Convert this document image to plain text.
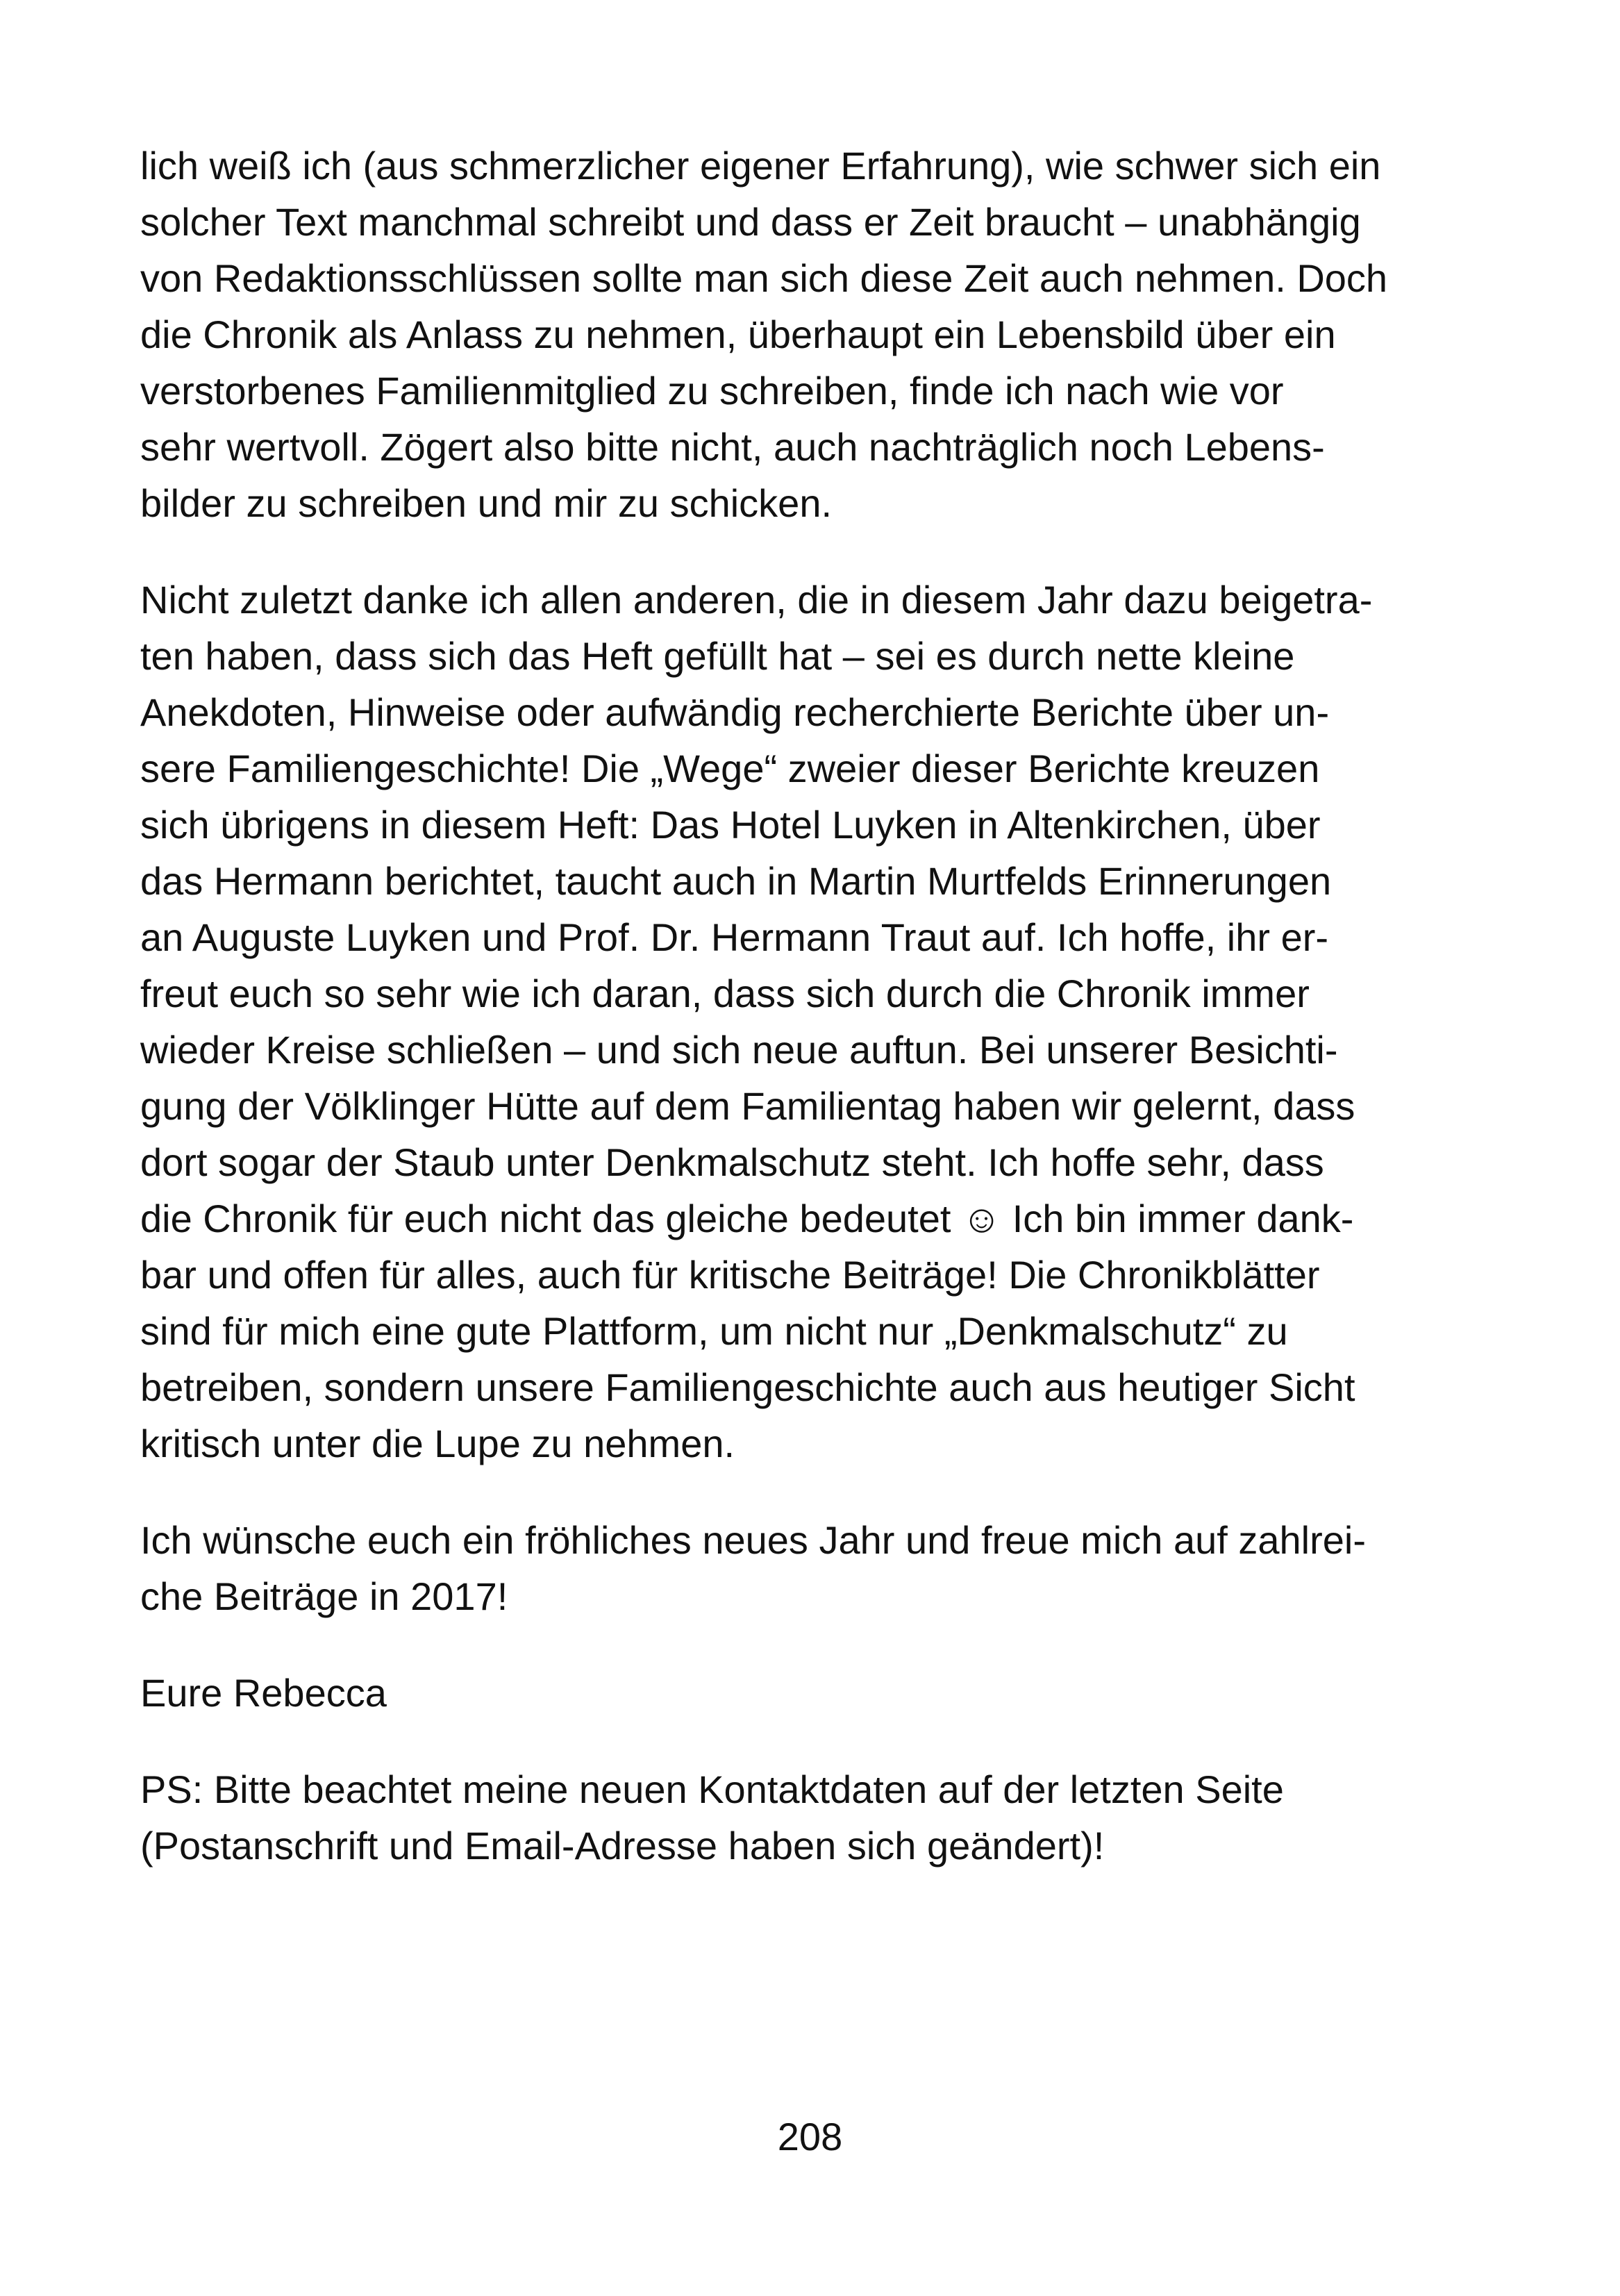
lich weiß ich (aus schmerzlicher eigener Erfahrung), wie schwer sich ein
solcher Text manchmal schreibt und dass er Zeit braucht – unabhängig
von Redaktionsschlüssen sollte man sich diese Zeit auch nehmen. Doch
die Chronik als Anlass zu nehmen, überhaupt ein Lebensbild über ein
verstorbenes Familienmitglied zu schreiben, finde ich nach wie vor
sehr wertvoll. Zögert also bitte nicht, auch nachträglich noch Lebens-
bilder zu schreiben und mir zu schicken.
Nicht zuletzt danke ich allen anderen, die in diesem Jahr dazu beigetra-
ten haben, dass sich das Heft gefüllt hat – sei es durch nette kleine
Anekdoten, Hinweise oder aufwändig recherchierte Berichte über un-
sere Familiengeschichte! Die „Wege“ zweier dieser Berichte kreuzen
sich übrigens in diesem Heft: Das Hotel Luyken in Altenkirchen, über
das Hermann berichtet, taucht auch in Martin Murtfelds Erinnerungen
an Auguste Luyken und Prof. Dr. Hermann Traut auf. Ich hoffe, ihr er-
freut euch so sehr wie ich daran, dass sich durch die Chronik immer
wieder Kreise schließen – und sich neue auftun. Bei unserer Besichti-
gung der Völklinger Hütte auf dem Familientag haben wir gelernt, dass
dort sogar der Staub unter Denkmalschutz steht. Ich hoffe sehr, dass
die Chronik für euch nicht das gleiche bedeutet ☺ Ich bin immer dank-
bar und offen für alles, auch für kritische Beiträge! Die Chronikblätter
sind für mich eine gute Plattform, um nicht nur „Denkmalschutz“ zu
betreiben, sondern unsere Familiengeschichte auch aus heutiger Sicht
kritisch unter die Lupe zu nehmen.
Ich wünsche euch ein fröhliches neues Jahr und freue mich auf zahlrei-
che Beiträge in 2017!
Eure Rebecca
PS: Bitte beachtet meine neuen Kontaktdaten auf der letzten Seite
(Postanschrift und Email-Adresse haben sich geändert)!
208
